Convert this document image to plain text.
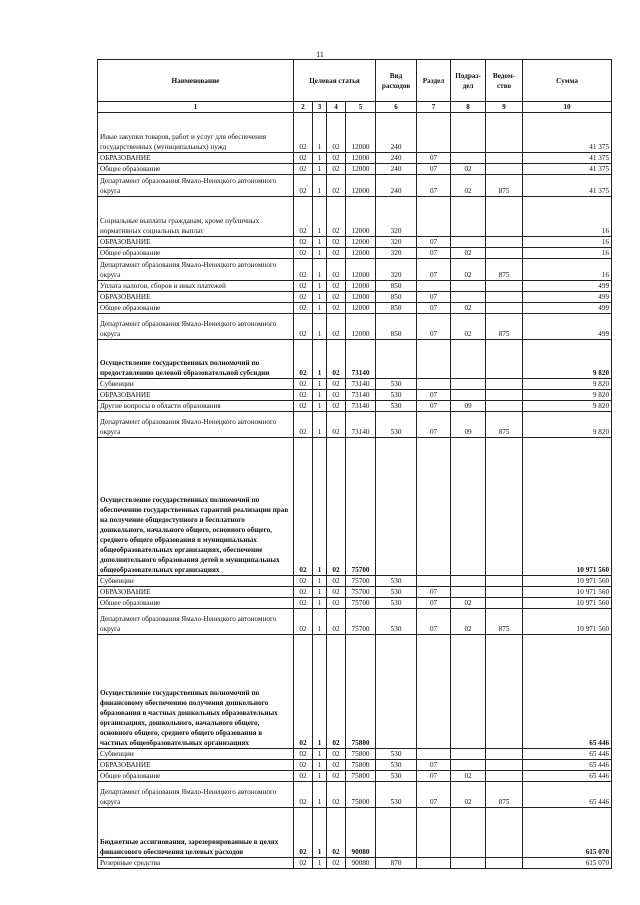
11
Наименование	Целевая статья				Вид расходов	Раздел	Подраз- дел	Ведом- ство	Сумма
1	2	3	4	5	6	7	8	9	10
Иные закупки товаров, работ и услуг для обеспечения государственных (муниципальных) нужд	02	1	02	12000	240				41 375
ОБРАЗОВАНИЕ	02	1	02	12000	240	07			41 375
Общее образование	02	1	02	12000	240	07	02		41 375
Департамент образования Ямало-Ненецкого автономного округа	02	1	02	12000	240	07	02	875	41 375
Социальные выплаты гражданам, кроме публичных нормативных социальных выплат	02	1	02	12000	320				16
ОБРАЗОВАНИЕ	02	1	02	12000	320	07			16
Общее образование	02	1	02	12000	320	07	02		16
Департамент образования Ямало-Ненецкого автономного округа	02	1	02	12000	320	07	02	875	16
Уплата налогов, сборов и иных платежей	02	1	02	12000	850				499
ОБРАЗОВАНИЕ	02	1	02	12000	850	07			499
Общее образование	02	1	02	12000	850	07	02		499
Департамент образования Ямало-Ненецкого автономного округа	02	1	02	12000	850	07	02	875	499
Осуществление государственных полномочий по предоставлению целевой образовательной субсидии	02	1	02	73140					9 820
Субвенции	02	1	02	73140	530				9 820
ОБРАЗОВАНИЕ	02	1	02	73140	530	07			9 820
Другие вопросы в области образования	02	1	02	73140	530	07	09		9 820
Департамент образования Ямало-Ненецкого автономного округа	02	1	02	73140	530	07	09	875	9 820
Осуществление государственных полномочий по обеспечению государственных гарантий реализации прав на получение общедоступного и бесплатного дошкольного, начального общего, основного общего, среднего общего образования в муниципальных общеобразовательных организациях, обеспечение дополнительного образования детей в муниципальных общеобразовательных организациях	02	1	02	75700					10 971 560
Субвенции	02	1	02	75700	530				10 971 560
ОБРАЗОВАНИЕ	02	1	02	75700	530	07			10 971 560
Общее образование	02	1	02	75700	530	07	02		10 971 560
Департамент образования Ямало-Ненецкого автономного округа	02	1	02	75700	530	07	02	875	10 971 560
Осуществление государственных полномочий по финансовому обеспечению получения дошкольного образования в частных дошкольных образовательных организациях, дошкольного, начального общего, основного общего, среднего общего образования в частных общеобразовательных организациях	02	1	02	75800					65 446
Субвенции	02	1	02	75800	530				65 446
ОБРАЗОВАНИЕ	02	1	02	75800	530	07			65 446
Общее образование	02	1	02	75800	530	07	02		65 446
Департамент образования Ямало-Ненецкого автономного округа	02	1	02	75800	530	07	02	875	65 446
Бюджетные ассигнования, зарезервированные в целях финансового обеспечения целевых расходов	02	1	02	90080					615 070
Резервные средства	02	1	02	90080	870				615 070
